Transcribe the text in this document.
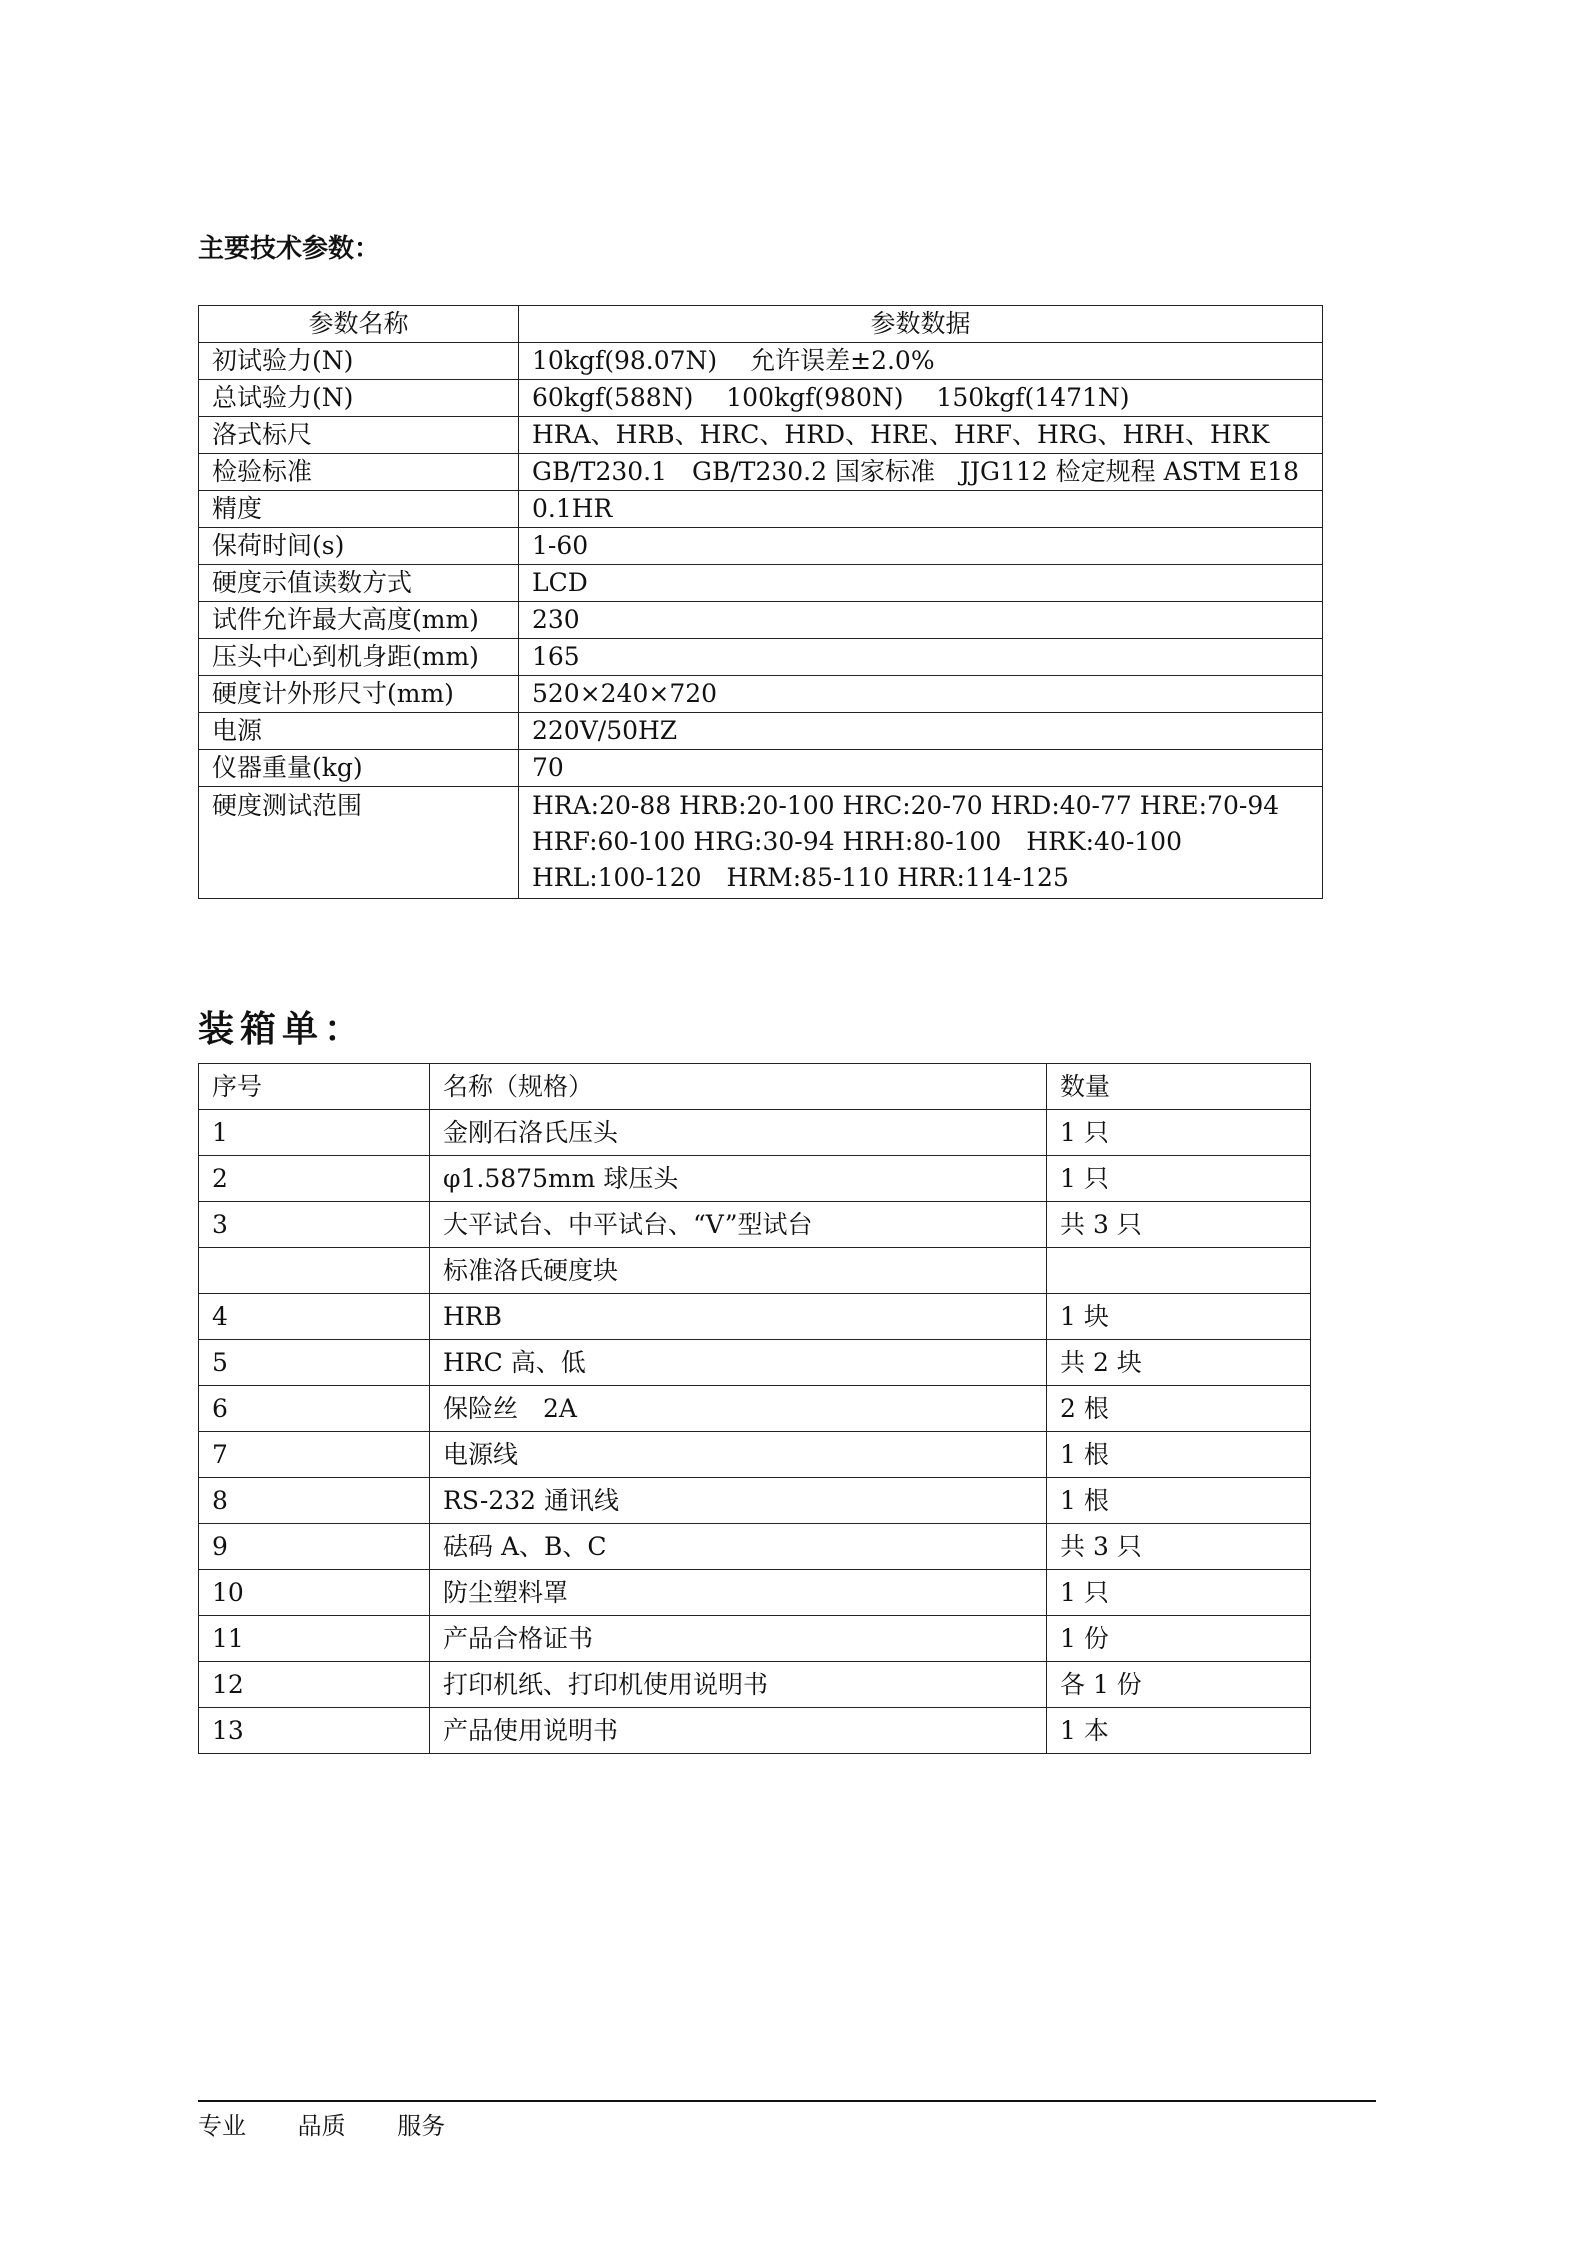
主要技术参数：
参数名称	参数数据
初试验力(N)	10kgf(98.07N)　 允许误差±2.0%
总试验力(N)	60kgf(588N)　 100kgf(980N)　 150kgf(1471N)
洛式标尺	HRA、HRB、HRC、HRD、HRE、HRF、HRG、HRH、HRK
检验标准	GB/T230.1　GB/T230.2 国家标准　JJG112 检定规程 ASTM E18
精度	0.1HR
保荷时间(s)	1-60
硬度示值读数方式	LCD
试件允许最大高度(mm)	230
压头中心到机身距(mm)	165
硬度计外形尺寸(mm)	520×240×720
电源	220V/50HZ
仪器重量(kg)	70
硬度测试范围	HRA:20-88 HRB:20-100 HRC:20-70 HRD:40-77 HRE:70-94
HRF:60-100 HRG:30-94 HRH:80-100　HRK:40-100
HRL:100-120　HRM:85-110 HRR:114-125
装箱单：
序号	名称（规格）	数量
1	金刚石洛氏压头	1 只
2	φ1.5875mm 球压头	1 只
3	大平试台、中平试台、“V”型试台	共 3 只
	标准洛氏硬度块	
4	HRB	1 块
5	HRC 高、低	共 2 块
6	保险丝　2A	2 根
7	电源线	1 根
8	RS-232 通讯线	1 根
9	砝码 A、B、C	共 3 只
10	防尘塑料罩	1 只
11	产品合格证书	1 份
12	打印机纸、打印机使用说明书	各 1 份
13	产品使用说明书	1 本
专业 品质 服务
